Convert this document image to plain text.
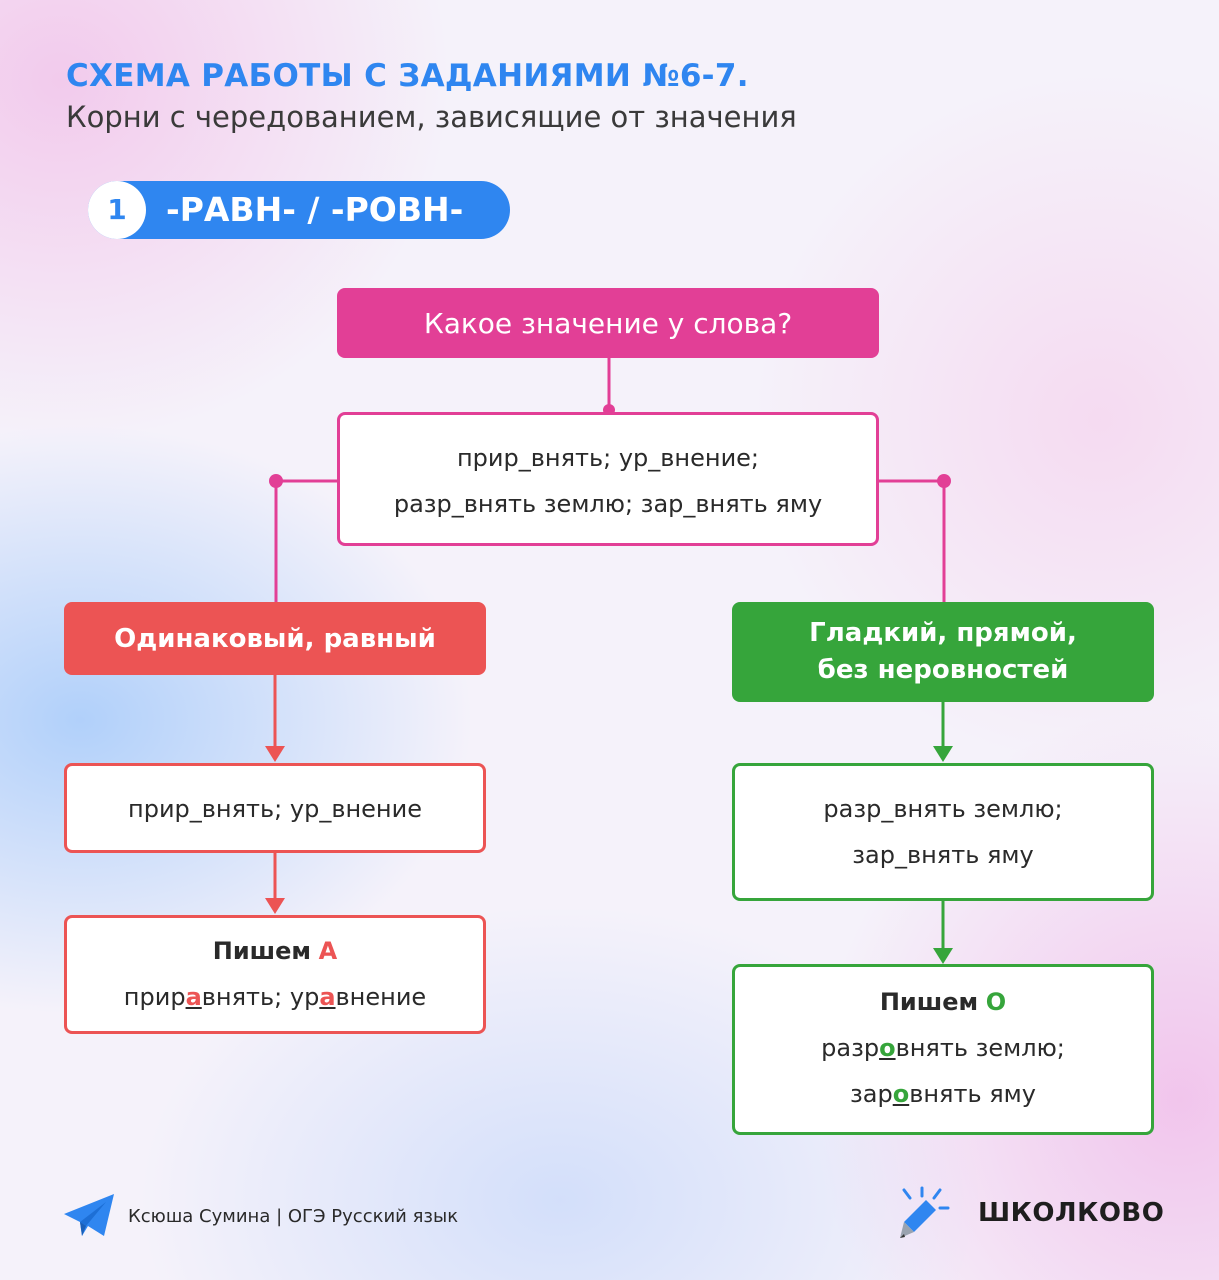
СХЕМА РАБОТЫ С ЗАДАНИЯМИ №6-7.
Корни с чередованием, зависящие от значения
1	-РАВН- / -РОВН-
Какое значение у слова?
прир_внять; ур_внение;
разр_внять землю; зар_внять яму
Одинаковый, равный
прир_внять; ур_внение
Пишем А
приравнять; уравнение
Гладкий, прямой,
без неровностей
разр_внять землю;
зар_внять яму
Пишем О
разровнять землю;
заровнять яму
Ксюша Сумина | ОГЭ Русский язык	ШКОЛКОВО
